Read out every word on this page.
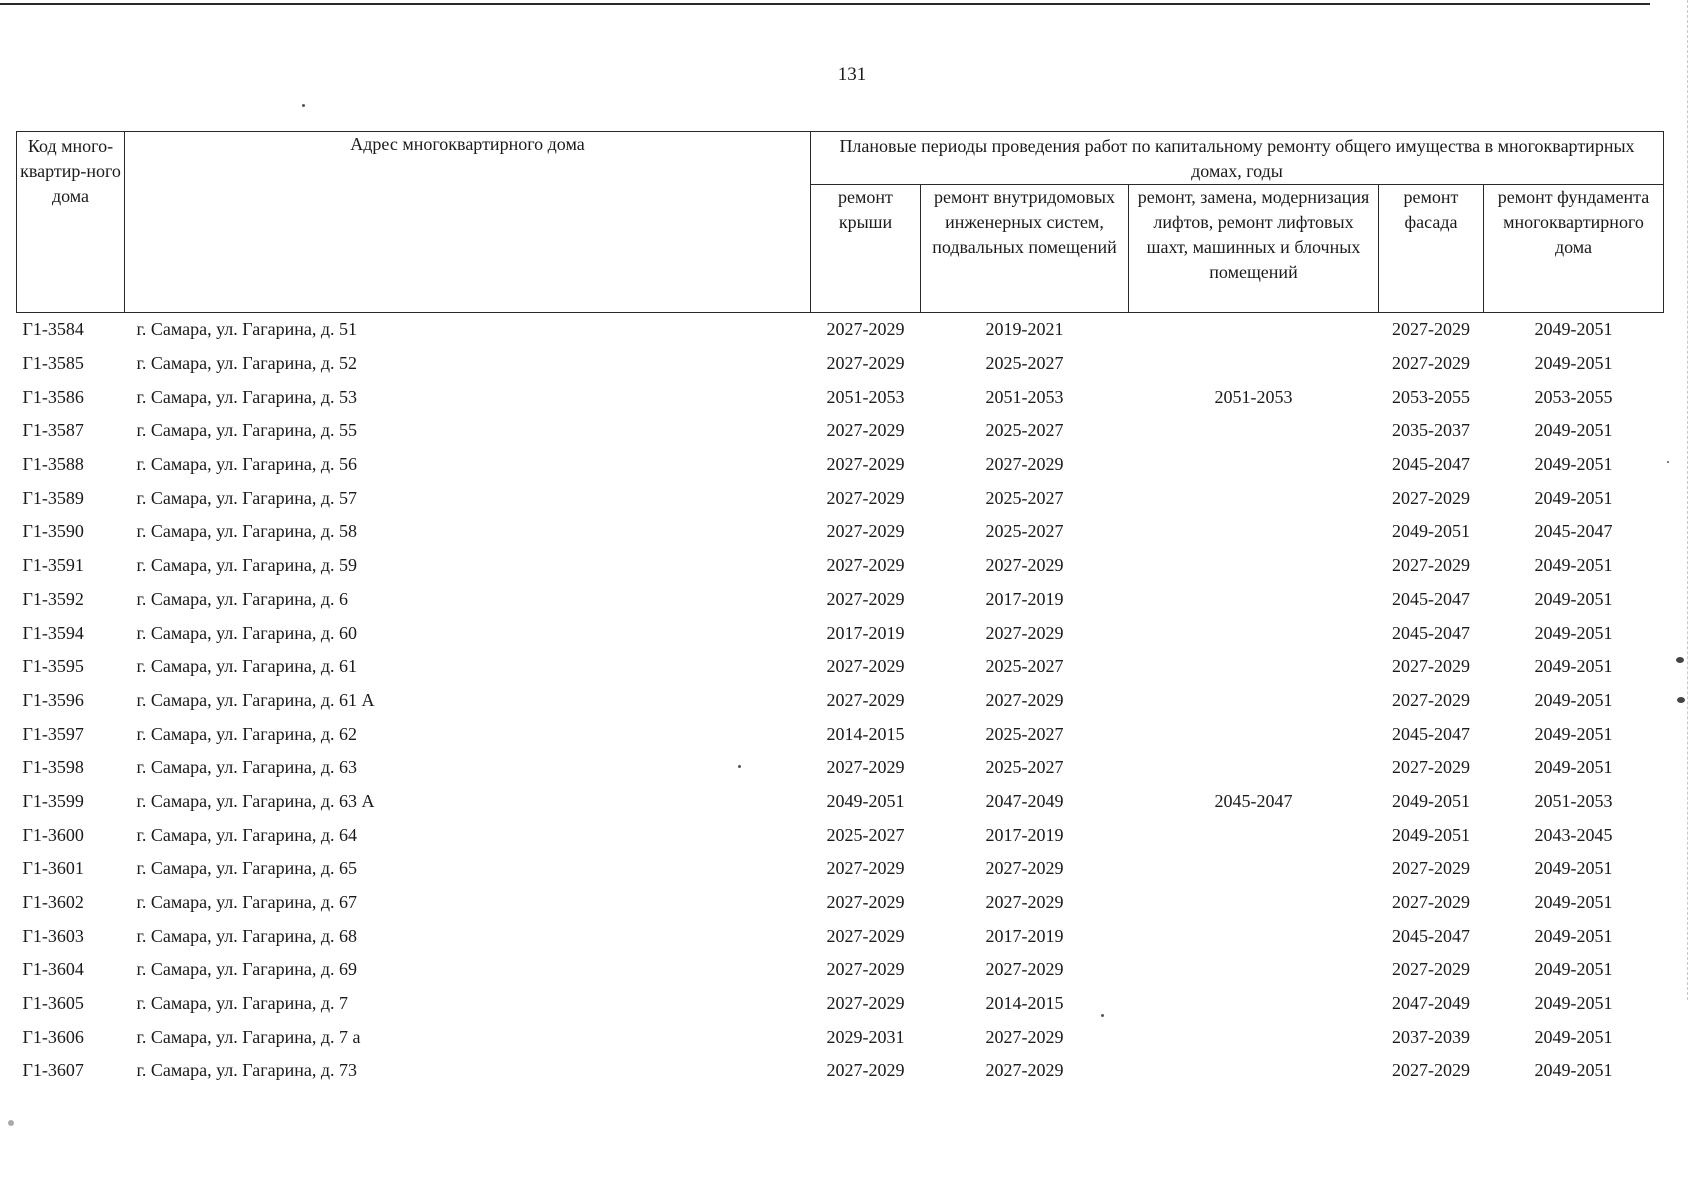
131
Код много-квартир-ного дома	Адрес многоквартирного дома	Плановые периоды проведения работ по капитальному ремонту общего имущества в многоквартирных домах, годы				
		ремонт крыши	ремонт внутридомовых инженерных систем, подвальных помещений	ремонт, замена, модернизация лифтов, ремонт лифтовых шахт, машинных и блочных помещений	ремонт фасада	ремонт фундамента многоквартирного дома
Г1-3584	г. Самара, ул. Гагарина, д. 51	2027-2029	2019-2021		2027-2029	2049-2051
Г1-3585	г. Самара, ул. Гагарина, д. 52	2027-2029	2025-2027		2027-2029	2049-2051
Г1-3586	г. Самара, ул. Гагарина, д. 53	2051-2053	2051-2053	2051-2053	2053-2055	2053-2055
Г1-3587	г. Самара, ул. Гагарина, д. 55	2027-2029	2025-2027		2035-2037	2049-2051
Г1-3588	г. Самара, ул. Гагарина, д. 56	2027-2029	2027-2029		2045-2047	2049-2051
Г1-3589	г. Самара, ул. Гагарина, д. 57	2027-2029	2025-2027		2027-2029	2049-2051
Г1-3590	г. Самара, ул. Гагарина, д. 58	2027-2029	2025-2027		2049-2051	2045-2047
Г1-3591	г. Самара, ул. Гагарина, д. 59	2027-2029	2027-2029		2027-2029	2049-2051
Г1-3592	г. Самара, ул. Гагарина, д. 6	2027-2029	2017-2019		2045-2047	2049-2051
Г1-3594	г. Самара, ул. Гагарина, д. 60	2017-2019	2027-2029		2045-2047	2049-2051
Г1-3595	г. Самара, ул. Гагарина, д. 61	2027-2029	2025-2027		2027-2029	2049-2051
Г1-3596	г. Самара, ул. Гагарина, д. 61 А	2027-2029	2027-2029		2027-2029	2049-2051
Г1-3597	г. Самара, ул. Гагарина, д. 62	2014-2015	2025-2027		2045-2047	2049-2051
Г1-3598	г. Самара, ул. Гагарина, д. 63	2027-2029	2025-2027		2027-2029	2049-2051
Г1-3599	г. Самара, ул. Гагарина, д. 63 А	2049-2051	2047-2049	2045-2047	2049-2051	2051-2053
Г1-3600	г. Самара, ул. Гагарина, д. 64	2025-2027	2017-2019		2049-2051	2043-2045
Г1-3601	г. Самара, ул. Гагарина, д. 65	2027-2029	2027-2029		2027-2029	2049-2051
Г1-3602	г. Самара, ул. Гагарина, д. 67	2027-2029	2027-2029		2027-2029	2049-2051
Г1-3603	г. Самара, ул. Гагарина, д. 68	2027-2029	2017-2019		2045-2047	2049-2051
Г1-3604	г. Самара, ул. Гагарина, д. 69	2027-2029	2027-2029		2027-2029	2049-2051
Г1-3605	г. Самара, ул. Гагарина, д. 7	2027-2029	2014-2015		2047-2049	2049-2051
Г1-3606	г. Самара, ул. Гагарина, д. 7 а	2029-2031	2027-2029		2037-2039	2049-2051
Г1-3607	г. Самара, ул. Гагарина, д. 73	2027-2029	2027-2029		2027-2029	2049-2051
